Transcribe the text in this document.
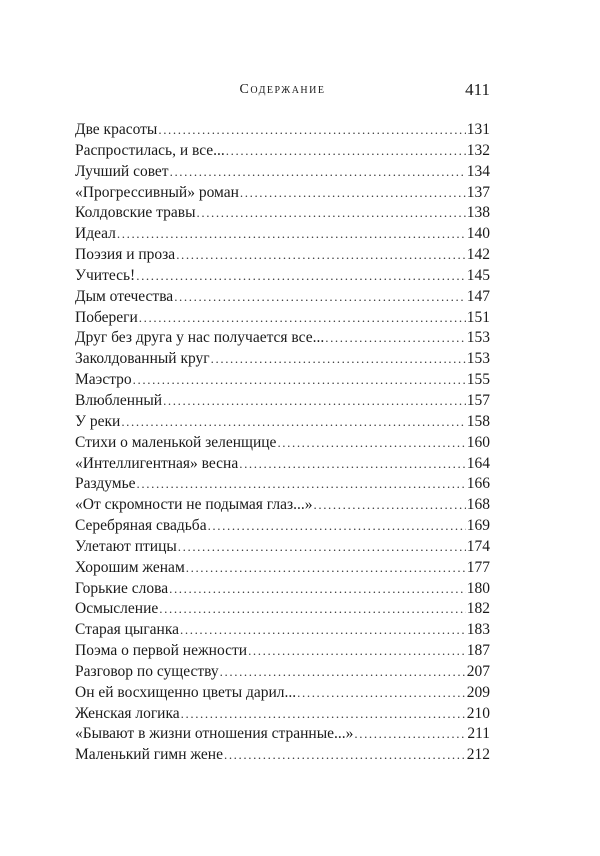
Содержание	411
Две красоты .....	131
Распростилась, и все... .....	132
Лучший совет .....	134
«Прогрессивный» роман .....	137
Колдовские травы .....	138
Идеал .....	140
Поэзия и проза .....	142
Учитесь! .....	145
Дым отечества .....	147
Побереги .....	151
Друг без друга у нас получается все... .....	153
Заколдованный круг .....	153
Маэстро .....	155
Влюбленный .....	157
У реки .....	158
Стихи о маленькой зеленщице .....	160
«Интеллигентная» весна .....	164
Раздумье .....	166
«От скромности не подымая глаз...» .....	168
Серебряная свадьба .....	169
Улетают птицы .....	174
Хорошим женам .....	177
Горькие слова .....	180
Осмысление .....	182
Старая цыганка .....	183
Поэма о первой нежности .....	187
Разговор по существу .....	207
Он ей восхищенно цветы дарил... .....	209
Женская логика .....	210
«Бывают в жизни отношения странные...» .....	211
Маленький гимн жене .....	212
